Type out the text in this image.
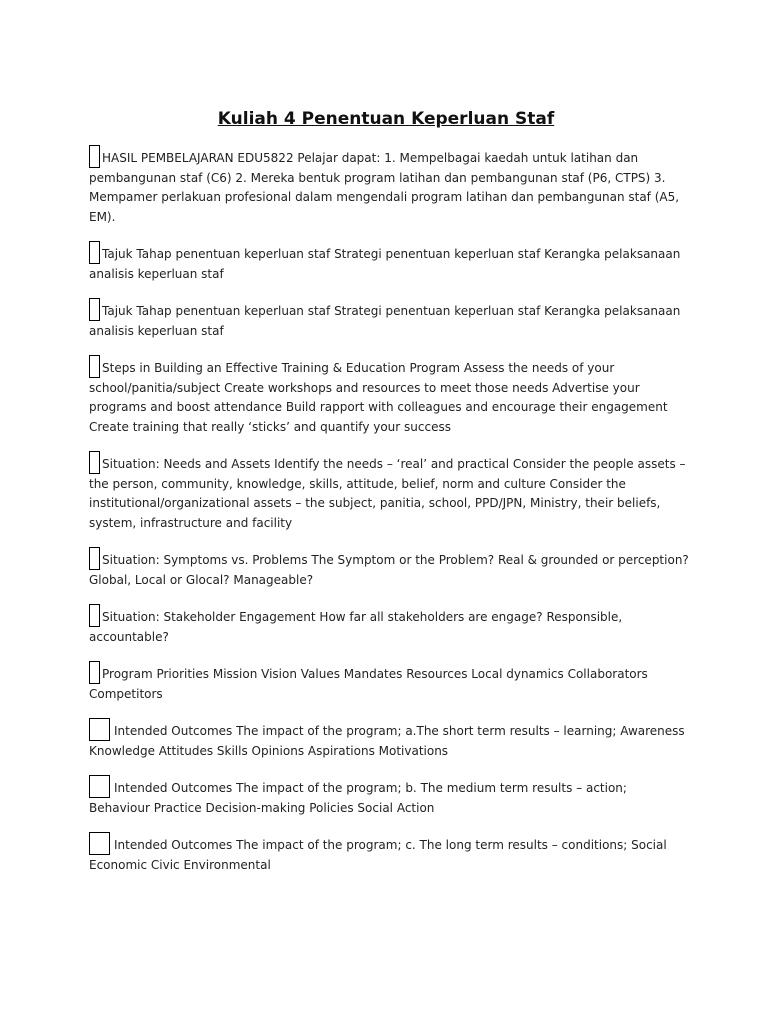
Kuliah 4 Penentuan Keperluan Staf
HASIL PEMBELAJARAN EDU5822 Pelajar dapat: 1. Mempelbagai kaedah untuk latihan dan pembangunan staf (C6) 2. Mereka bentuk program latihan dan pembangunan staf (P6, CTPS) 3. Mempamer perlakuan profesional dalam mengendali program latihan dan pembangunan staf (A5, EM).
Tajuk Tahap penentuan keperluan staf Strategi penentuan keperluan staf Kerangka pelaksanaan analisis keperluan staf
Tajuk Tahap penentuan keperluan staf Strategi penentuan keperluan staf Kerangka pelaksanaan analisis keperluan staf
Steps in Building an Effective Training & Education Program Assess the needs of your school/panitia/subject Create workshops and resources to meet those needs Advertise your programs and boost attendance Build rapport with colleagues and encourage their engagement Create training that really ‘sticks’ and quantify your success
Situation: Needs and Assets Identify the needs – ‘real’ and practical Consider the people assets – the person, community, knowledge, skills, attitude, belief, norm and culture Consider the institutional/organizational assets – the subject, panitia, school, PPD/JPN, Ministry, their beliefs, system, infrastructure and facility
Situation: Symptoms vs. Problems The Symptom or the Problem? Real & grounded or perception? Global, Local or Glocal? Manageable?
Situation: Stakeholder Engagement How far all stakeholders are engage? Responsible, accountable?
Program Priorities Mission Vision Values Mandates Resources Local dynamics Collaborators Competitors
Intended Outcomes The impact of the program; a.The short term results – learning; Awareness Knowledge Attitudes Skills Opinions Aspirations Motivations
Intended Outcomes The impact of the program; b. The medium term results – action; Behaviour Practice Decision-making Policies Social Action
Intended Outcomes The impact of the program; c. The long term results – conditions; Social Economic Civic Environmental
